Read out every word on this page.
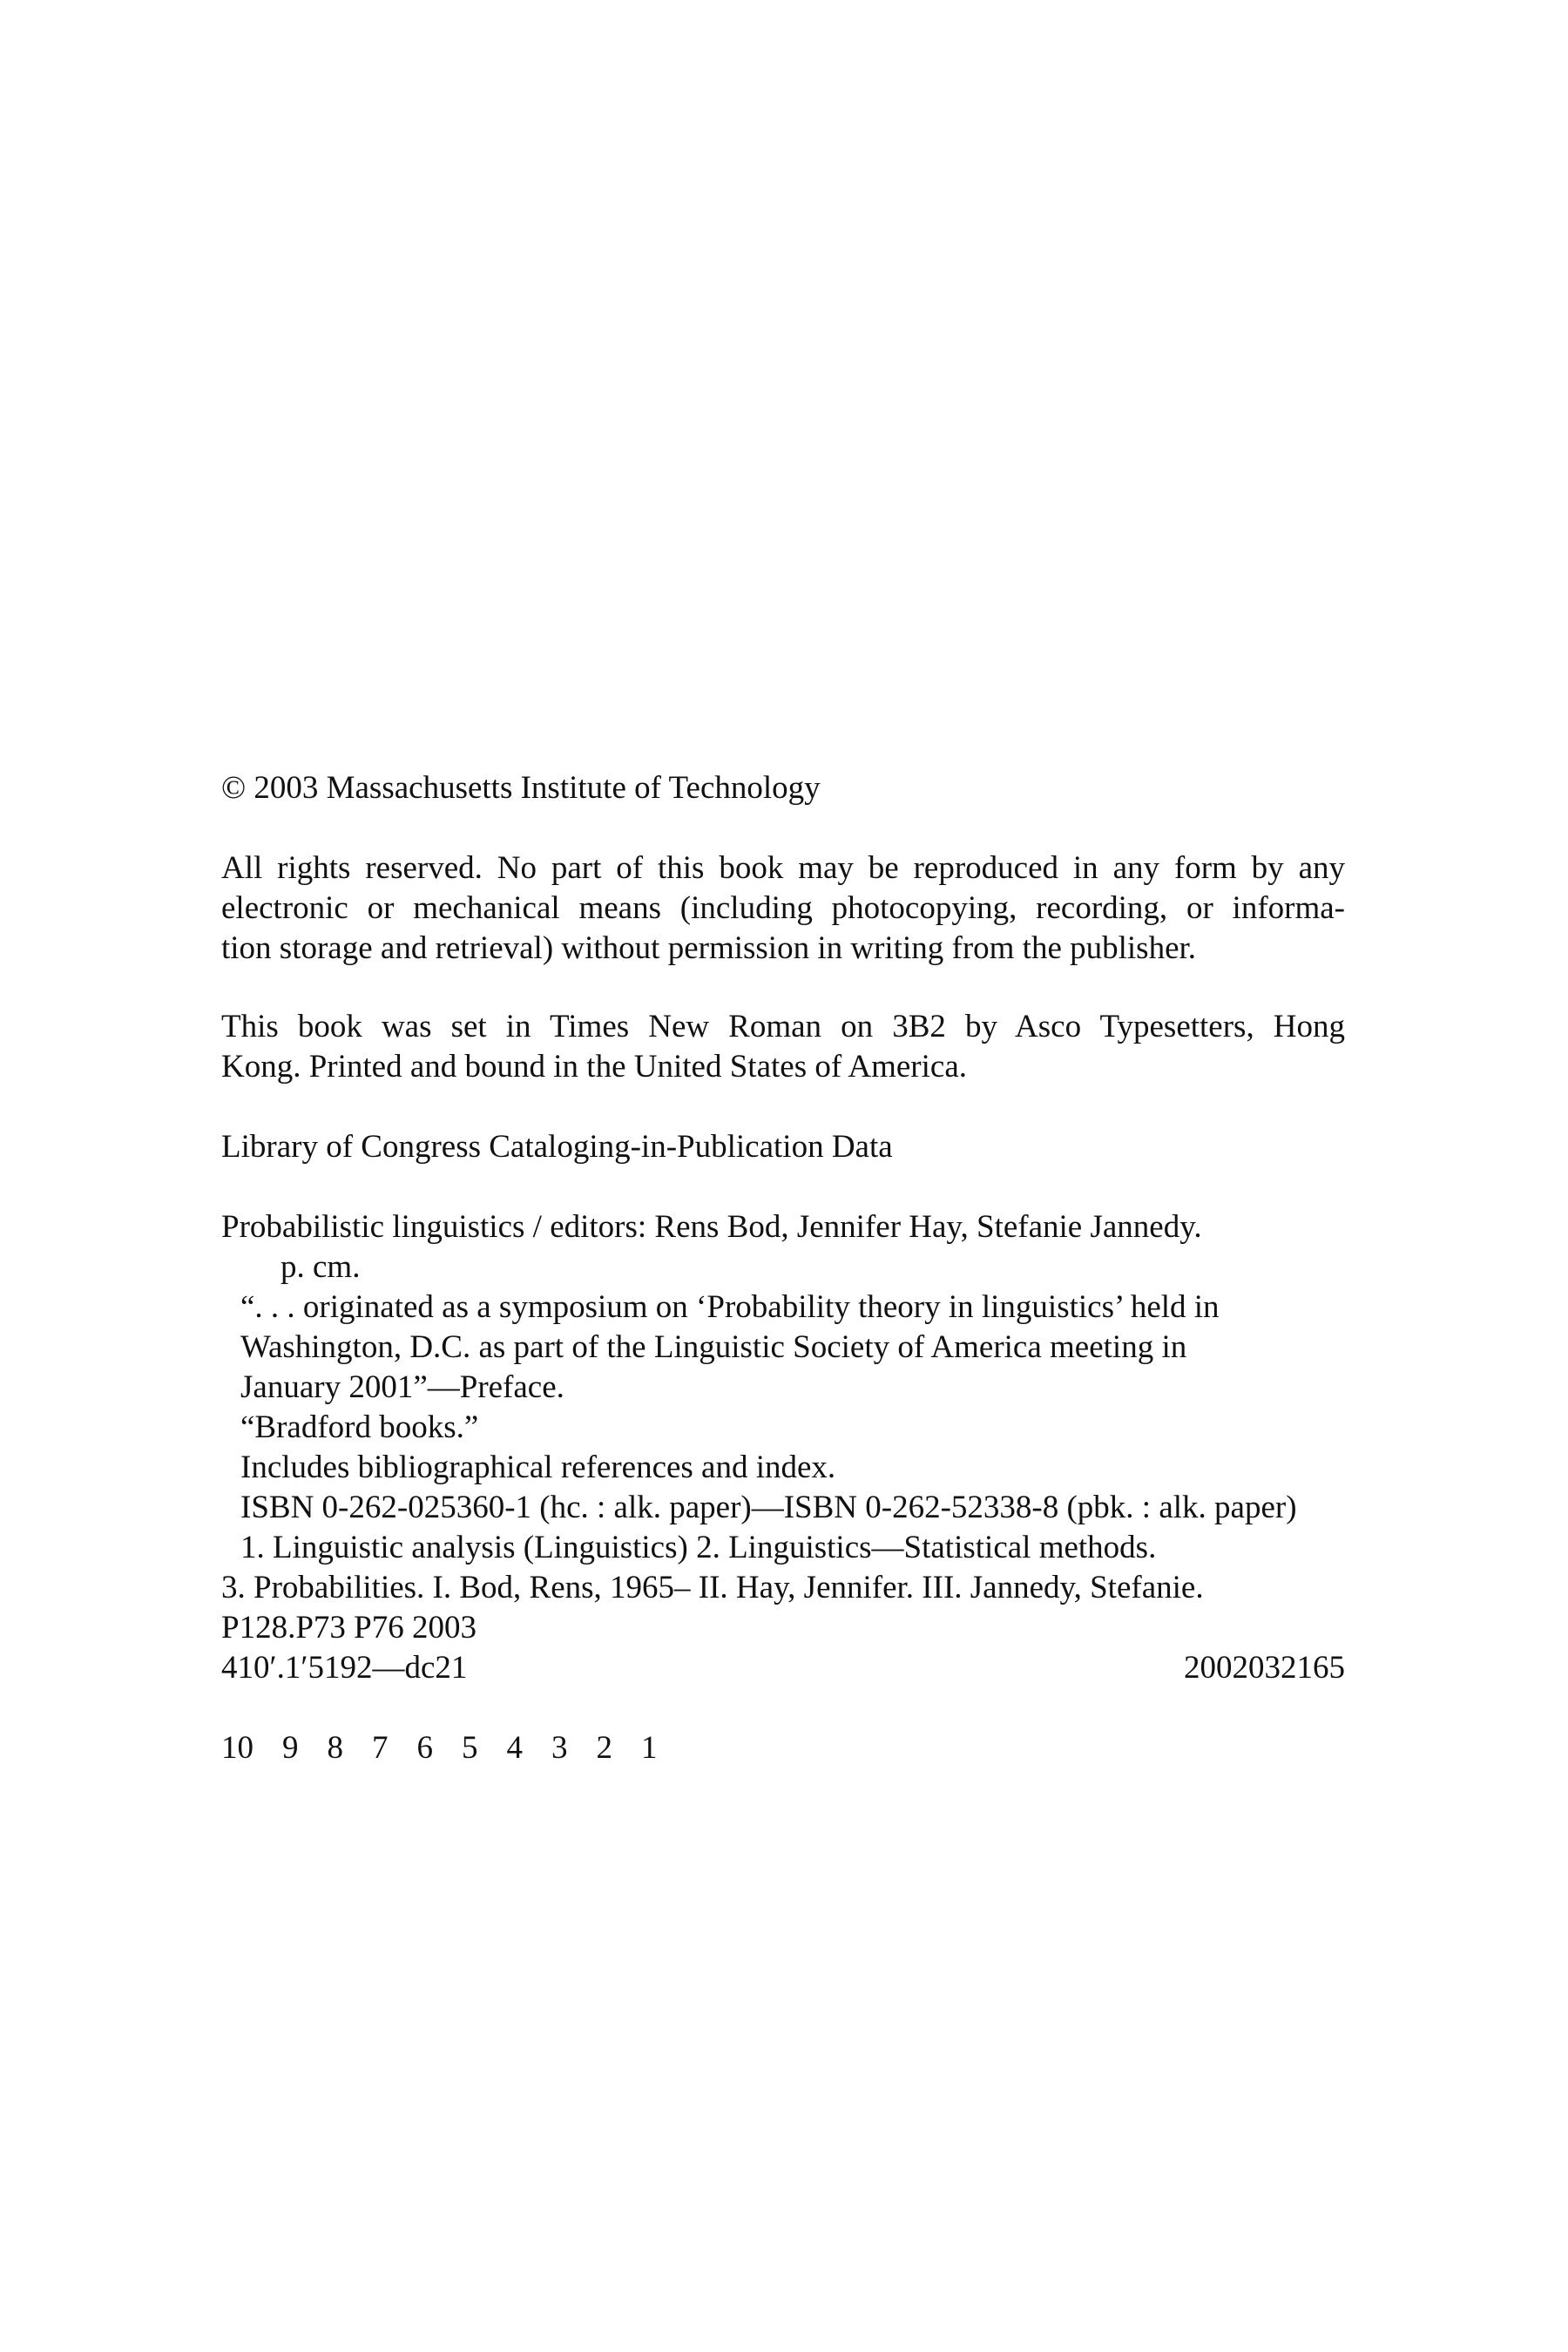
© 2003 Massachusetts Institute of Technology
All rights reserved. No part of this book may be reproduced in any form by any
electronic or mechanical means (including photocopying, recording, or informa-
tion storage and retrieval) without permission in writing from the publisher.
This book was set in Times New Roman on 3B2 by Asco Typesetters, Hong
Kong. Printed and bound in the United States of America.
Library of Congress Cataloging-in-Publication Data
Probabilistic linguistics / editors: Rens Bod, Jennifer Hay, Stefanie Jannedy.
p. cm.
“. . . originated as a symposium on ‘Probability theory in linguistics’ held in
Washington, D.C. as part of the Linguistic Society of America meeting in
January 2001”—Preface.
“Bradford books.”
Includes bibliographical references and index.
ISBN 0-262-025360-1 (hc. : alk. paper)—ISBN 0-262-52338-8 (pbk. : alk. paper)
1. Linguistic analysis (Linguistics) 2. Linguistics—Statistical methods.
3. Probabilities. I. Bod, Rens, 1965– II. Hay, Jennifer. III. Jannedy, Stefanie.
P128.P73 P76 2003
410′.1′5192—dc21	2002032165
10 9 8 7 6 5 4 3 2 1
